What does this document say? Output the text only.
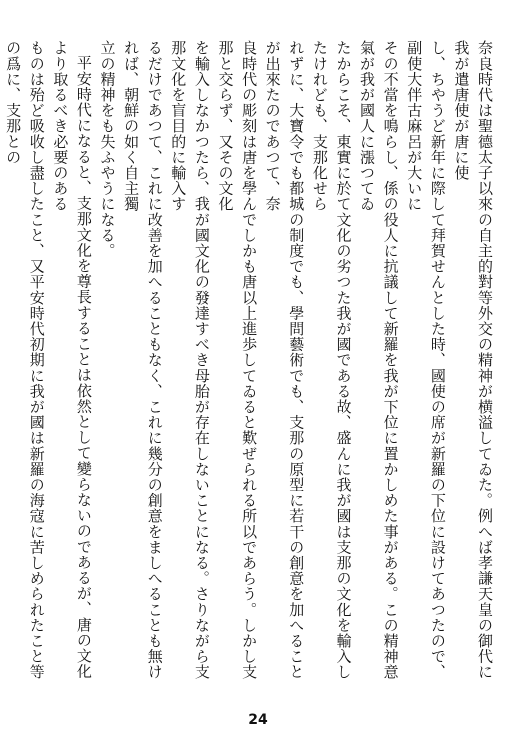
奈良時代は聖德太子以來の自主的對等外交の精神が横溢してゐた。例へば孝謙天皇の御代に我が遣唐使が唐に使
し、ちやうど新年に際して拜賀せんとした時、國使の席が新羅の下位に設けてあつたので、副使大伴古麻呂が大いに
その不當を鳴らし、係の役人に抗議して新羅を我が下位に置かしめた事がある。この精神意氣が我が國人に漲つてゐ
たからこそ、東實に於て文化の劣つた我が國である故、盛んに我が國は支那の文化を輸入したけれども、支那化せら
れずに、大寶令でも都城の制度でも、學問藝術でも、支那の原型に若干の創意を加へることが出來たのであつて、奈
良時代の彫刻は唐を學んでしかも唐以上進歩してゐると歎ぜられる所以であらう。しかし支那と交らず、又その文化
を輸入しなかつたら、我が國文化の發達すべき母胎が存在しないことになる。さりながら支那文化を盲目的に輸入す
るだけであつて、これに改善を加へることもなく、これに幾分の創意をましへることも無ければ、朝鮮の如く自主獨
立の精神をも失ふやうになる。
平安時代になると、支那文化を尊長することは依然として變らないのであるが、唐の文化より取るべき必要のある
ものは殆ど吸收し盡したこと、又平安時代初期に我が國は新羅の海寇に苦しめられたこと等の爲に、支那との

24
